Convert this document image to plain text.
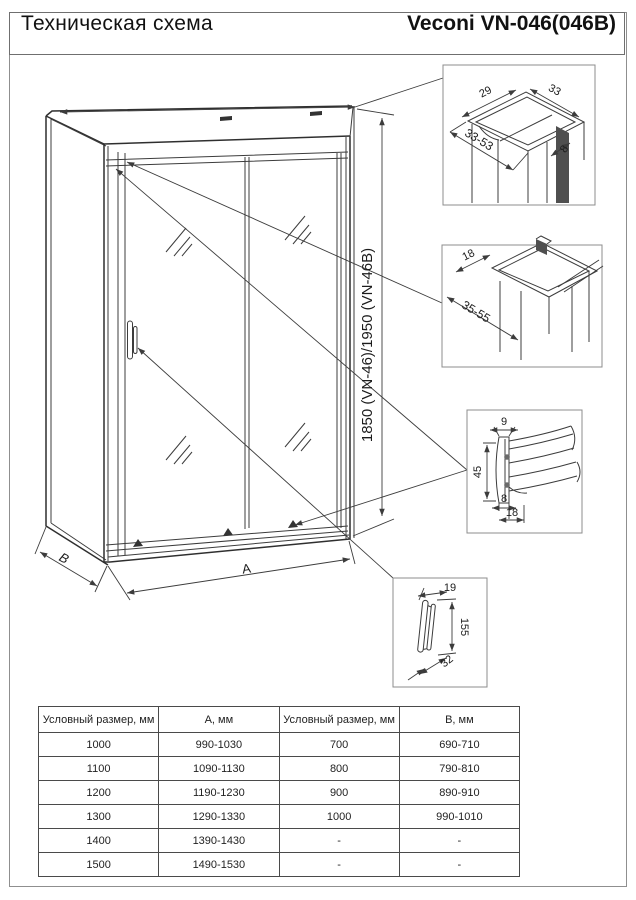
Техническая схема	Veconi VN-046(046B)
1850 (VN-46)/1950 (VN-46B)
A
B
29	33
33-53	8
18
35-55
9
45
8
18
19
155
32
Условный размер, мм	А, мм	Условный размер, мм	В, мм
1000	990-1030	700	690-710
1100	1090-1130	800	790-810
1200	1190-1230	900	890-910
1300	1290-1330	1000	990-1010
1400	1390-1430	-	-
1500	1490-1530	-	-
